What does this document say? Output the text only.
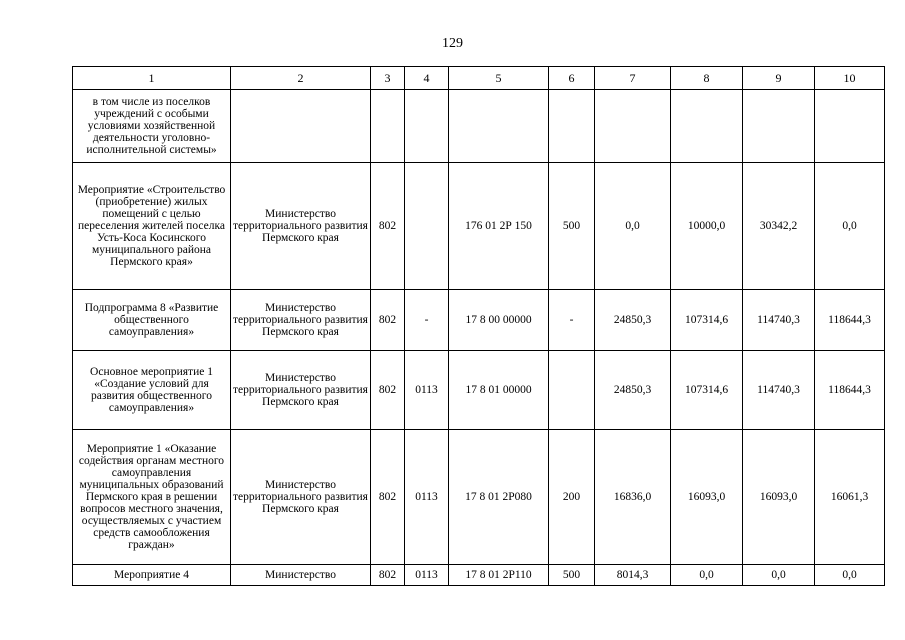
129
1	2	3	4	5	6	7	8	9	10
в том числе из поселков учреждений с особыми условиями хозяйственной деятельности уголовно-исполнительной системы»									
Мероприятие «Строительство (приобретение) жилых помещений с целью переселения жителей поселка Усть-Коса Косинского муниципального района Пермского края»	Министерство территориального развития Пермского края	802		176 01 2Р 150	500	0,0	10000,0	30342,2	0,0
Подпрограмма 8 «Развитие общественного самоуправления»	Министерство территориального развития Пермского края	802	-	17 8 00 00000	-	24850,3	107314,6	114740,3	118644,3
Основное мероприятие 1 «Создание условий для развития общественного самоуправления»	Министерство территориального развития Пермского края	802	0113	17 8 01 00000		24850,3	107314,6	114740,3	118644,3
Мероприятие 1 «Оказание содействия органам местного самоуправления муниципальных образований Пермского края в решении вопросов местного значения, осуществляемых с участием средств самообложения граждан»	Министерство территориального развития Пермского края	802	0113	17 8 01 2Р080	200	16836,0	16093,0	16093,0	16061,3
Мероприятие 4	Министерство	802	0113	17 8 01 2Р110	500	8014,3	0,0	0,0	0,0
